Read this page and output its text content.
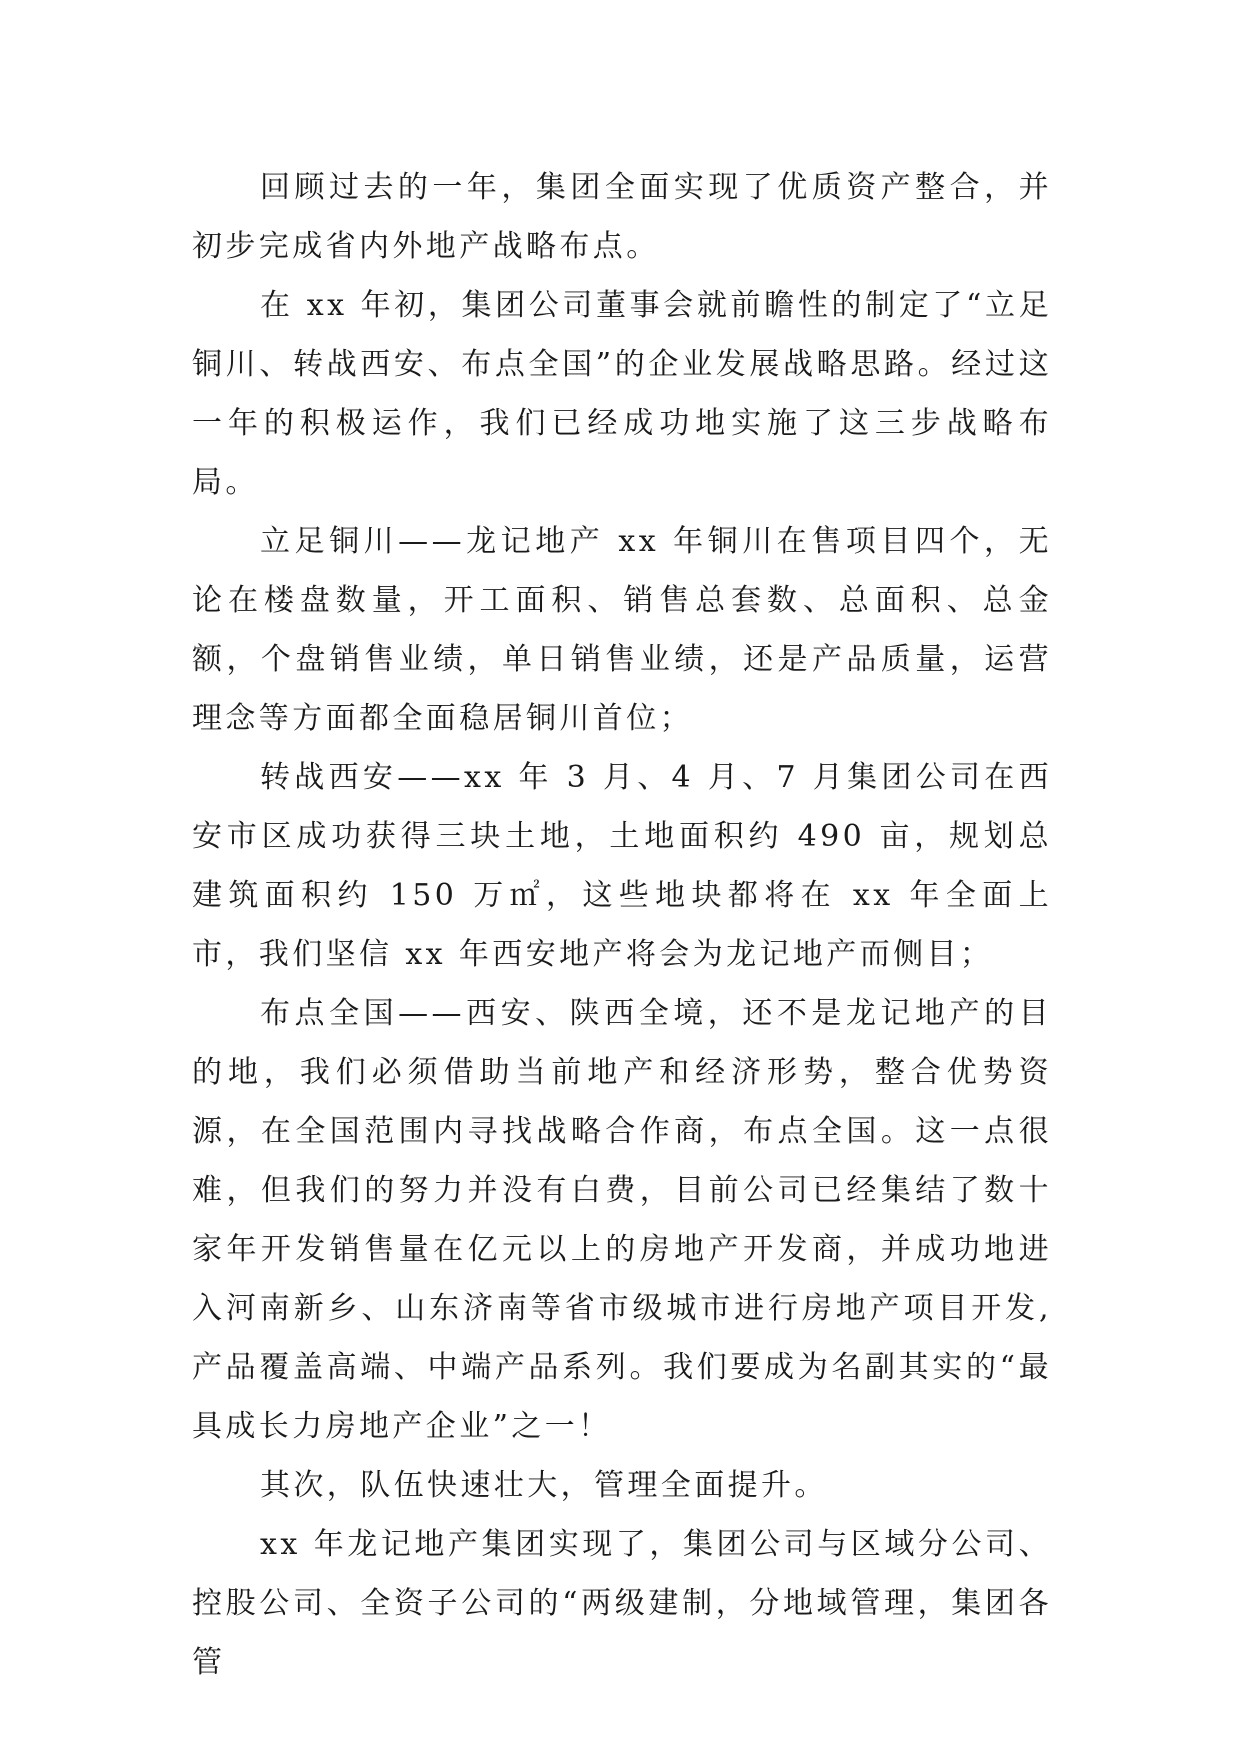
回顾过去的一年，集团全面实现了优质资产整合，并初步完成省内外地产战略布点。

在 xx 年初，集团公司董事会就前瞻性的制定了“立足铜川、转战西安、布点全国”的企业发展战略思路。经过这一年的积极运作，我们已经成功地实施了这三步战略布局。

立足铜川——龙记地产 xx 年铜川在售项目四个，无论在楼盘数量，开工面积、销售总套数、总面积、总金额，个盘销售业绩，单日销售业绩，还是产品质量，运营理念等方面都全面稳居铜川首位；

转战西安——xx 年 3 月、4 月、7 月集团公司在西安市区成功获得三块土地，土地面积约 490 亩，规划总建筑面积约 150 万㎡，这些地块都将在 xx 年全面上市，我们坚信 xx 年西安地产将会为龙记地产而侧目；

布点全国——西安、陕西全境，还不是龙记地产的目的地，我们必须借助当前地产和经济形势，整合优势资源，在全国范围内寻找战略合作商，布点全国。这一点很难，但我们的努力并没有白费，目前公司已经集结了数十家年开发销售量在亿元以上的房地产开发商，并成功地进入河南新乡、山东济南等省市级城市进行房地产项目开发,产品覆盖高端、中端产品系列。我们要成为名副其实的“最具成长力房地产企业”之一！

其次，队伍快速壮大，管理全面提升。

xx 年龙记地产集团实现了，集团公司与区域分公司、控股公司、全资子公司的“两级建制，分地域管理，集团各管
